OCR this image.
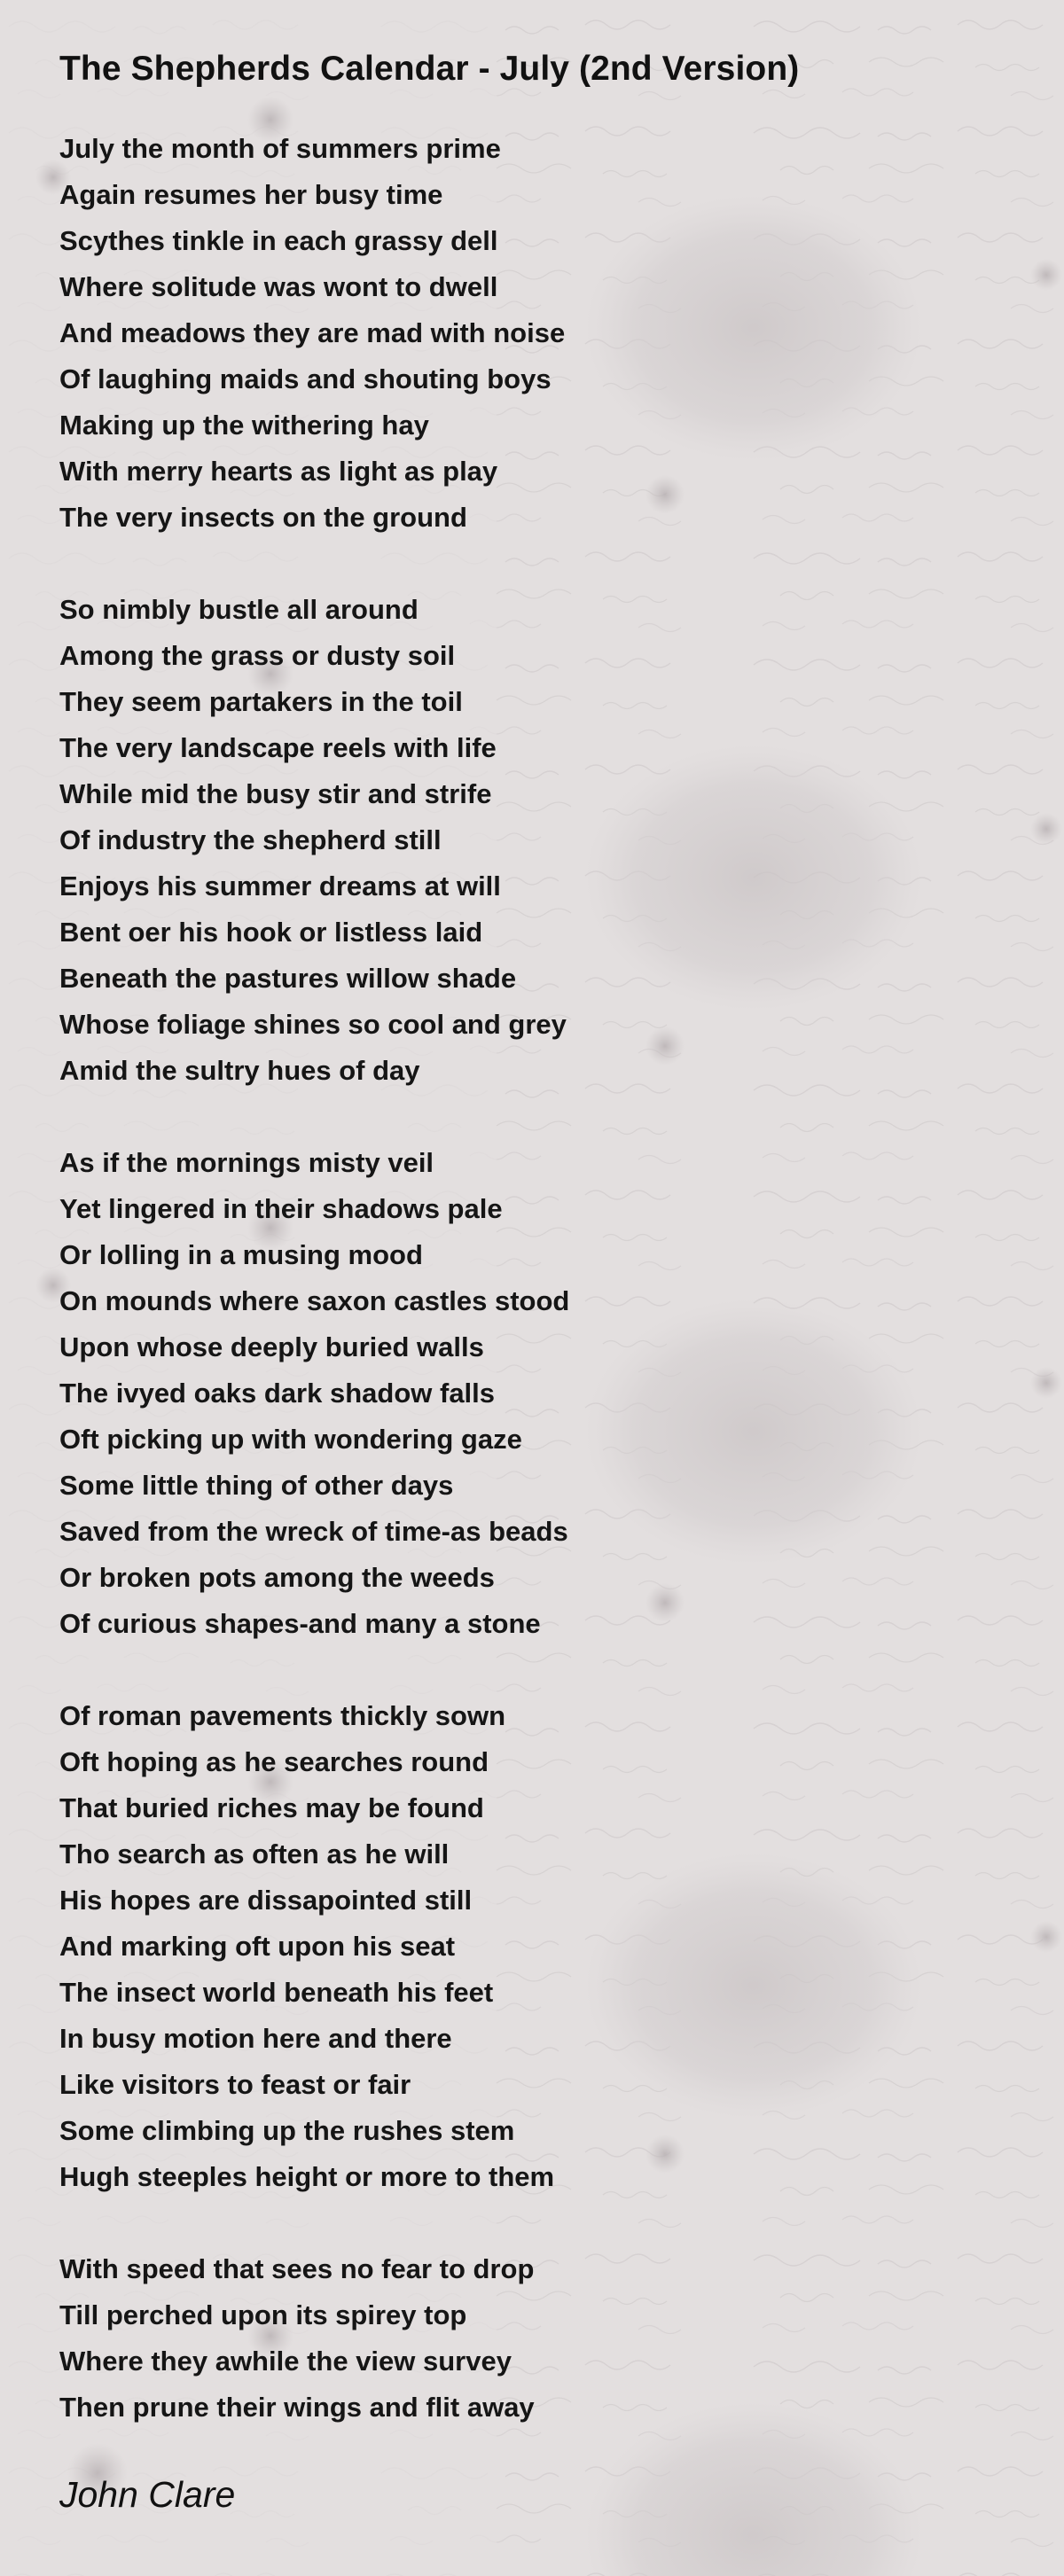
The Shepherds Calendar - July (2nd Version)
July the month of summers prime
Again resumes her busy time
Scythes tinkle in each grassy dell
Where solitude was wont to dwell
And meadows they are mad with noise
Of laughing maids and shouting boys
Making up the withering hay
With merry hearts as light as play
The very insects on the ground
So nimbly bustle all around
Among the grass or dusty soil
They seem partakers in the toil
The very landscape reels with life
While mid the busy stir and strife
Of industry the shepherd still
Enjoys his summer dreams at will
Bent oer his hook or listless laid
Beneath the pastures willow shade
Whose foliage shines so cool and grey
Amid the sultry hues of day
As if the mornings misty veil
Yet lingered in their shadows pale
Or lolling in a musing mood
On mounds where saxon castles stood
Upon whose deeply buried walls
The ivyed oaks dark shadow falls
Oft picking up with wondering gaze
Some little thing of other days
Saved from the wreck of time-as beads
Or broken pots among the weeds
Of curious shapes-and many a stone
Of roman pavements thickly sown
Oft hoping as he searches round
That buried riches may be found
Tho search as often as he will
His hopes are dissapointed still
And marking oft upon his seat
The insect world beneath his feet
In busy motion here and there
Like visitors to feast or fair
Some climbing up the rushes stem
Hugh steeples height or more to them
With speed that sees no fear to drop
Till perched upon its spirey top
Where they awhile the view survey
Then prune their wings and flit away
John Clare
